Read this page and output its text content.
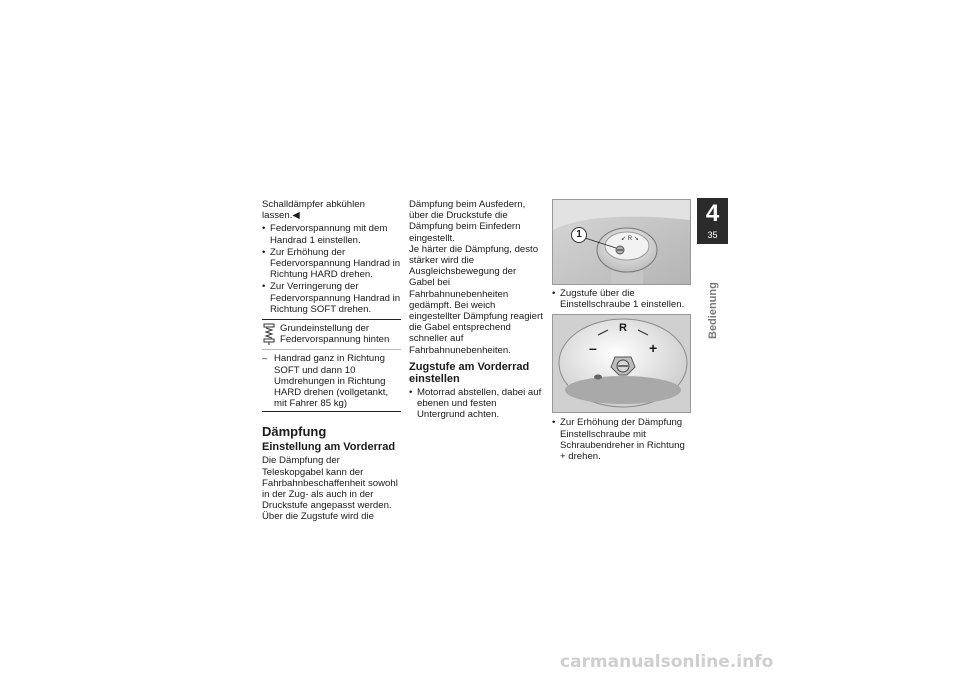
Schalldämpfer abkühlen lassen.◀

• Federvorspannung mit dem Handrad 1 einstellen.
• Zur Erhöhung der Federvorspannung Handrad in Richtung HARD drehen.
• Zur Verringerung der Federvorspannung Handrad in Richtung SOFT drehen.
Grundeinstellung der Federvorspannung hinten
– Handrad ganz in Richtung SOFT und dann 10 Umdrehungen in Richtung HARD drehen (vollgetankt, mit Fahrer 85 kg)
Dämpfung
Einstellung am Vorderrad

Die Dämpfung der Teleskopgabel kann der Fahrbahnbeschaffenheit sowohl in der Zug- als auch in der Druckstufe angepasst werden. Über die Zugstufe wird die

Dämpfung beim Ausfedern, über die Druckstufe die Dämpfung beim Einfedern eingestellt.

Je härter die Dämpfung, desto stärker wird die Ausgleichsbewegung der Gabel bei Fahrbahnunebenheiten gedämpft. Bei weich eingestellter Dämpfung reagiert die Gabel entsprechend schneller auf Fahrbahnunebenheiten.

Zugstufe am Vorderrad einstellen
• Motorrad abstellen, dabei auf ebenen und festen Untergrund achten.
↙ R ↘
1
• Zugstufe über die Einstellschraube 1 einstellen.
–
R
+
• Zur Erhöhung der Dämpfung Einstellschraube mit Schraubendreher in Richtung + drehen.
4
35
Bedienung
carmanualsonline.info
